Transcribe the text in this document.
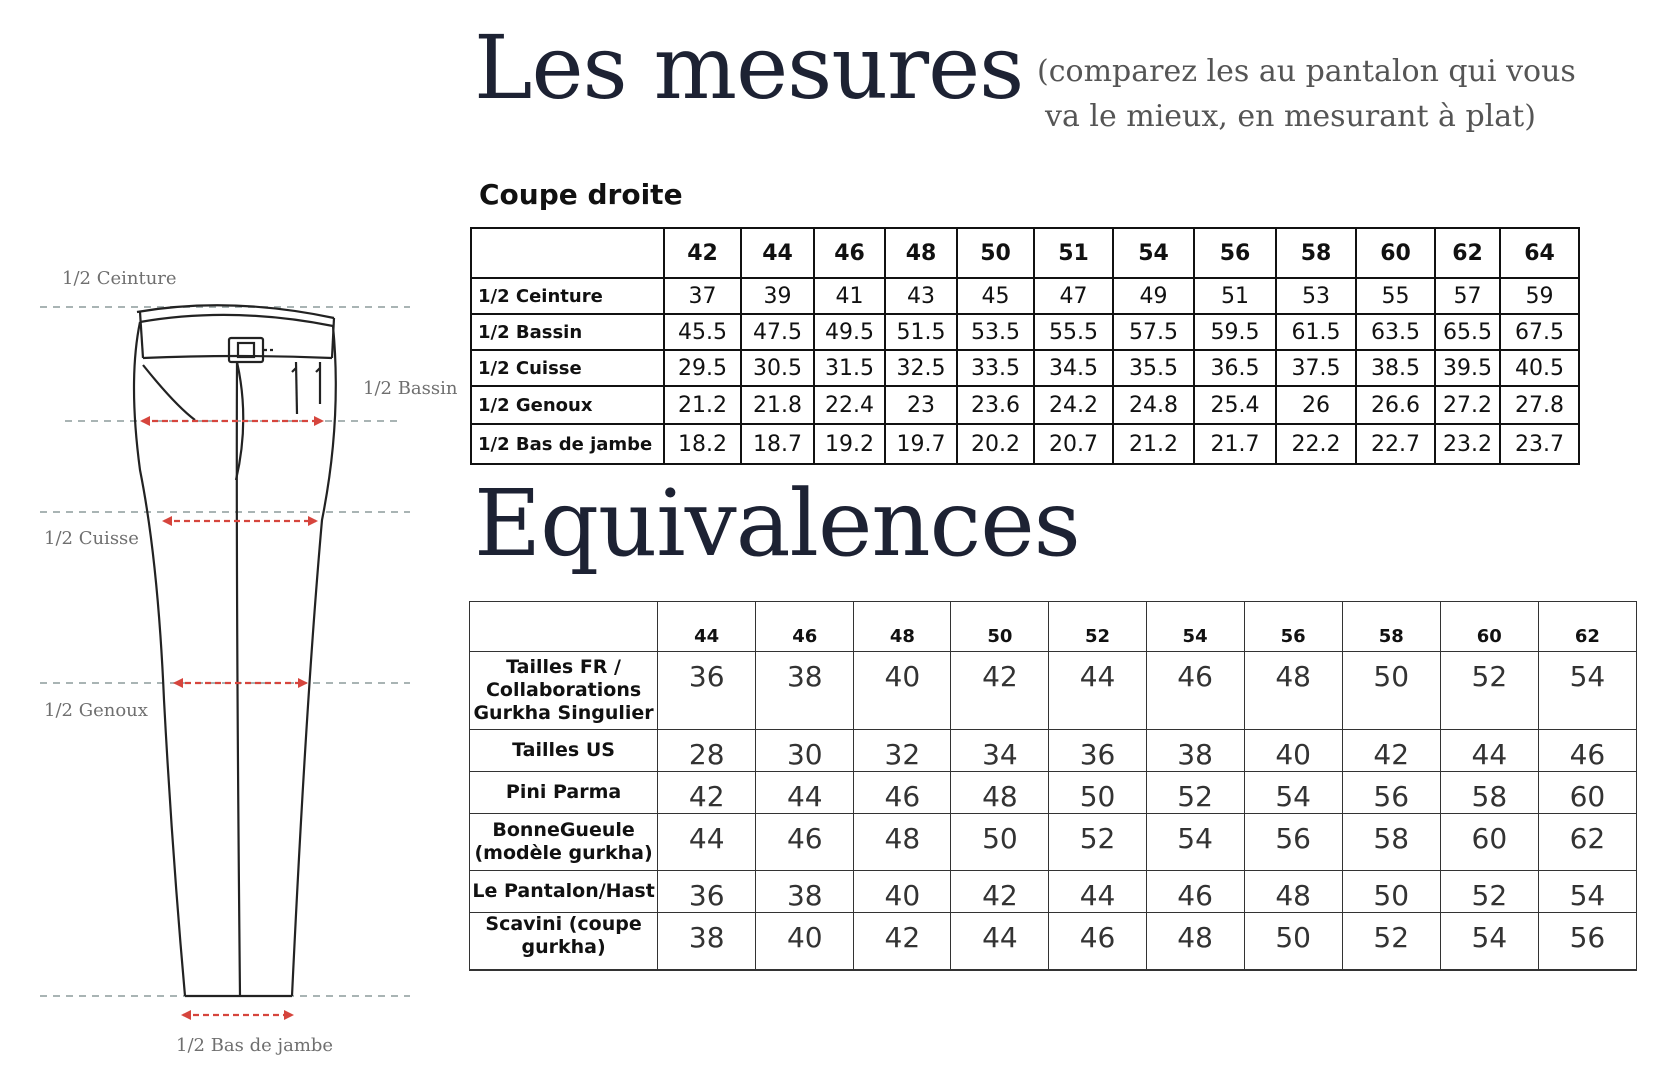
1/2 Ceinture
1/2 Bassin
1/2 Cuisse
1/2 Genoux
1/2 Bas de jambe
Les mesures (comparez les au pantalon qui vous
va le mieux, en mesurant à plat)
Coupe droite
	42	44	46	48	50	51	54	56	58	60	62	64
1/2 Ceinture	37	39	41	43	45	47	49	51	53	55	57	59
1/2 Bassin	45.5	47.5	49.5	51.5	53.5	55.5	57.5	59.5	61.5	63.5	65.5	67.5
1/2 Cuisse	29.5	30.5	31.5	32.5	33.5	34.5	35.5	36.5	37.5	38.5	39.5	40.5
1/2 Genoux	21.2	21.8	22.4	23	23.6	24.2	24.8	25.4	26	26.6	27.2	27.8
1/2 Bas de jambe	18.2	18.7	19.2	19.7	20.2	20.7	21.2	21.7	22.2	22.7	23.2	23.7
Equivalences
	44	46	48	50	52	54	56	58	60	62
Tailles FR / Collaborations Gurkha Singulier	36	38	40	42	44	46	48	50	52	54
Tailles US	28	30	32	34	36	38	40	42	44	46
Pini Parma	42	44	46	48	50	52	54	56	58	60
BonneGueule (modèle gurkha)	44	46	48	50	52	54	56	58	60	62
Le Pantalon/Hast	36	38	40	42	44	46	48	50	52	54
Scavini (coupe gurkha)	38	40	42	44	46	48	50	52	54	56
